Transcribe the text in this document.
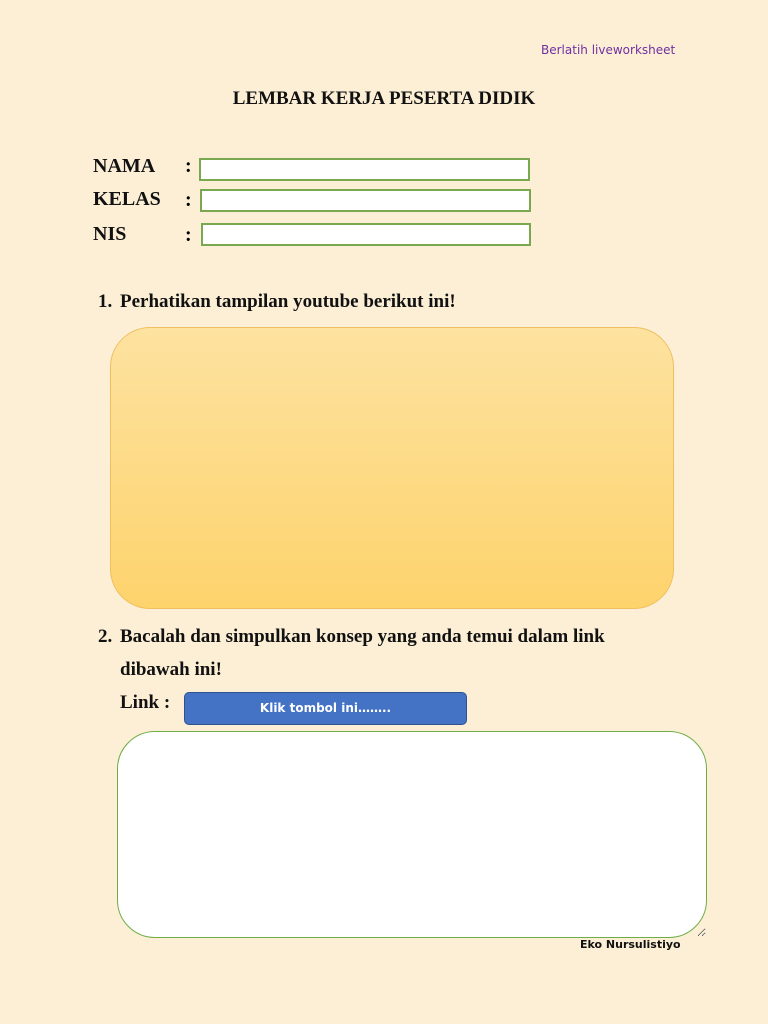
Berlatih liveworksheet
LEMBAR KERJA PESERTA DIDIK
NAMA :
KELAS :
NIS	:
1. Perhatikan tampilan youtube berikut ini!
2. Bacalah dan simpulkan konsep yang anda temui dalam link
dibawah ini!
Link :	Klik tombol ini……..
Eko Nursulistiyo
